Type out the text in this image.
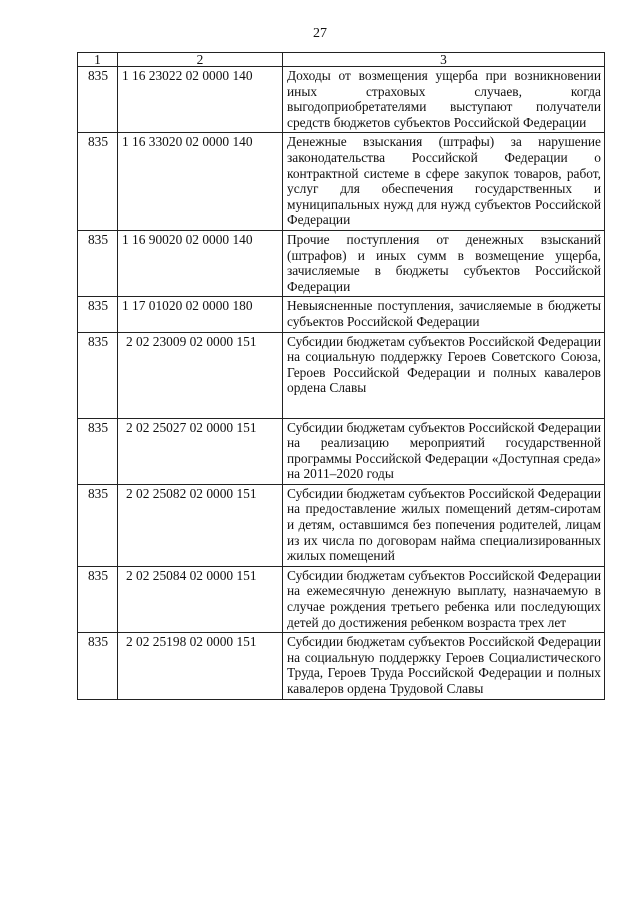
27
1	2	3
835	1 16 23022 02 0000 140	Доходы от возмещения ущерба при возникновении иных страховых случаев, когда выгодоприобретателями выступают получатели средств бюджетов субъектов Российской Федерации
835	1 16 33020 02 0000 140	Денежные взыскания (штрафы) за нарушение законодательства Российской Федерации о контрактной системе в сфере закупок товаров, работ, услуг для обеспечения государственных и муниципальных нужд для нужд субъектов Российской Федерации
835	1 16 90020 02 0000 140	Прочие поступления от денежных взысканий (штрафов) и иных сумм в возмещение ущерба, зачисляемые в бюджеты субъектов Российской Федерации
835	1 17 01020 02 0000 180	Невыясненные поступления, зачисляемые в бюджеты субъектов Российской Федерации
835	2 02 23009 02 0000 151	Субсидии бюджетам субъектов Российской Федерации на социальную поддержку Героев Советского Союза, Героев Российской Федерации и полных кавалеров ордена Славы
835	2 02 25027 02 0000 151	Субсидии бюджетам субъектов Российской Федерации на реализацию мероприятий государственной программы Российской Федерации «Доступная среда» на 2011–2020 годы
835	2 02 25082 02 0000 151	Субсидии бюджетам субъектов Российской Федерации на предоставление жилых помещений детям-сиротам и детям, оставшимся без попечения родителей, лицам из их числа по договорам найма специализированных жилых помещений
835	2 02 25084 02 0000 151	Субсидии бюджетам субъектов Российской Федерации на ежемесячную денежную выплату, назначаемую в случае рождения третьего ребенка или последующих детей до достижения ребенком возраста трех лет
835	2 02 25198 02 0000 151	Субсидии бюджетам субъектов Российской Федерации на социальную поддержку Героев Социалистического Труда, Героев Труда Российской Федерации и полных кавалеров ордена Трудовой Славы
